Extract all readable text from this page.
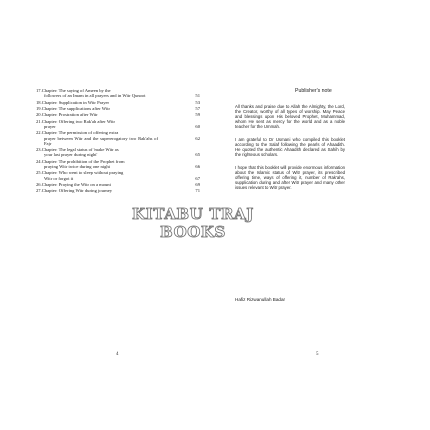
17.Chapter: The saying of Ameen by the
followers of an Imam in all prayers and in Witr Qunoot	51
18.Chapter: Supplication in Witr Prayer	53
19.Chapter: The supplications after Witr	57
20.Chapter: Prostration after Witr	59
21.Chapter: Offering two Rak'ah after Witr
prayer	60
22.Chapter: The permission of offering extra
prayer between Witr and the supererogatory two Rak'ahs of Fajr
62
23.Chapter: The legal status of 'make Witr as
your last prayer during night'	65
24.Chapter: The prohibition of the Prophet from
praying Witr twice during one night	66
25.Chapter: Who went to sleep without praying
Witr or forgot it	67
26.Chapter: Praying the Witr on a mount	69
27.Chapter: Offering Witr during journey	71
4
Publisher's note

All thanks and praise due to Allah the Almighty, the Lord, the Creator, worthy of all types of worship. May Peace and blessings upon His beloved Prophet, Muhammad, whom He sent as mercy for the world and as a noble teacher for the Ummah.

I am grateful to Dr Usmani who compiled this booklet according to the Salaf following the pearls of Ahaadith. He quoted the authentic Ahaadith declared as Sahih by the righteous scholars.

I hope that this booklet will provide enormous information about the Islamic status of Witr prayer, its prescribed offering time, ways of offering it, number of Rak'ahs, supplication during and after Witr prayer and many other issues relevant to Witr prayer.

Hafiz Rizwanullah Badar
5
KITABU TRAJ BOOKS
